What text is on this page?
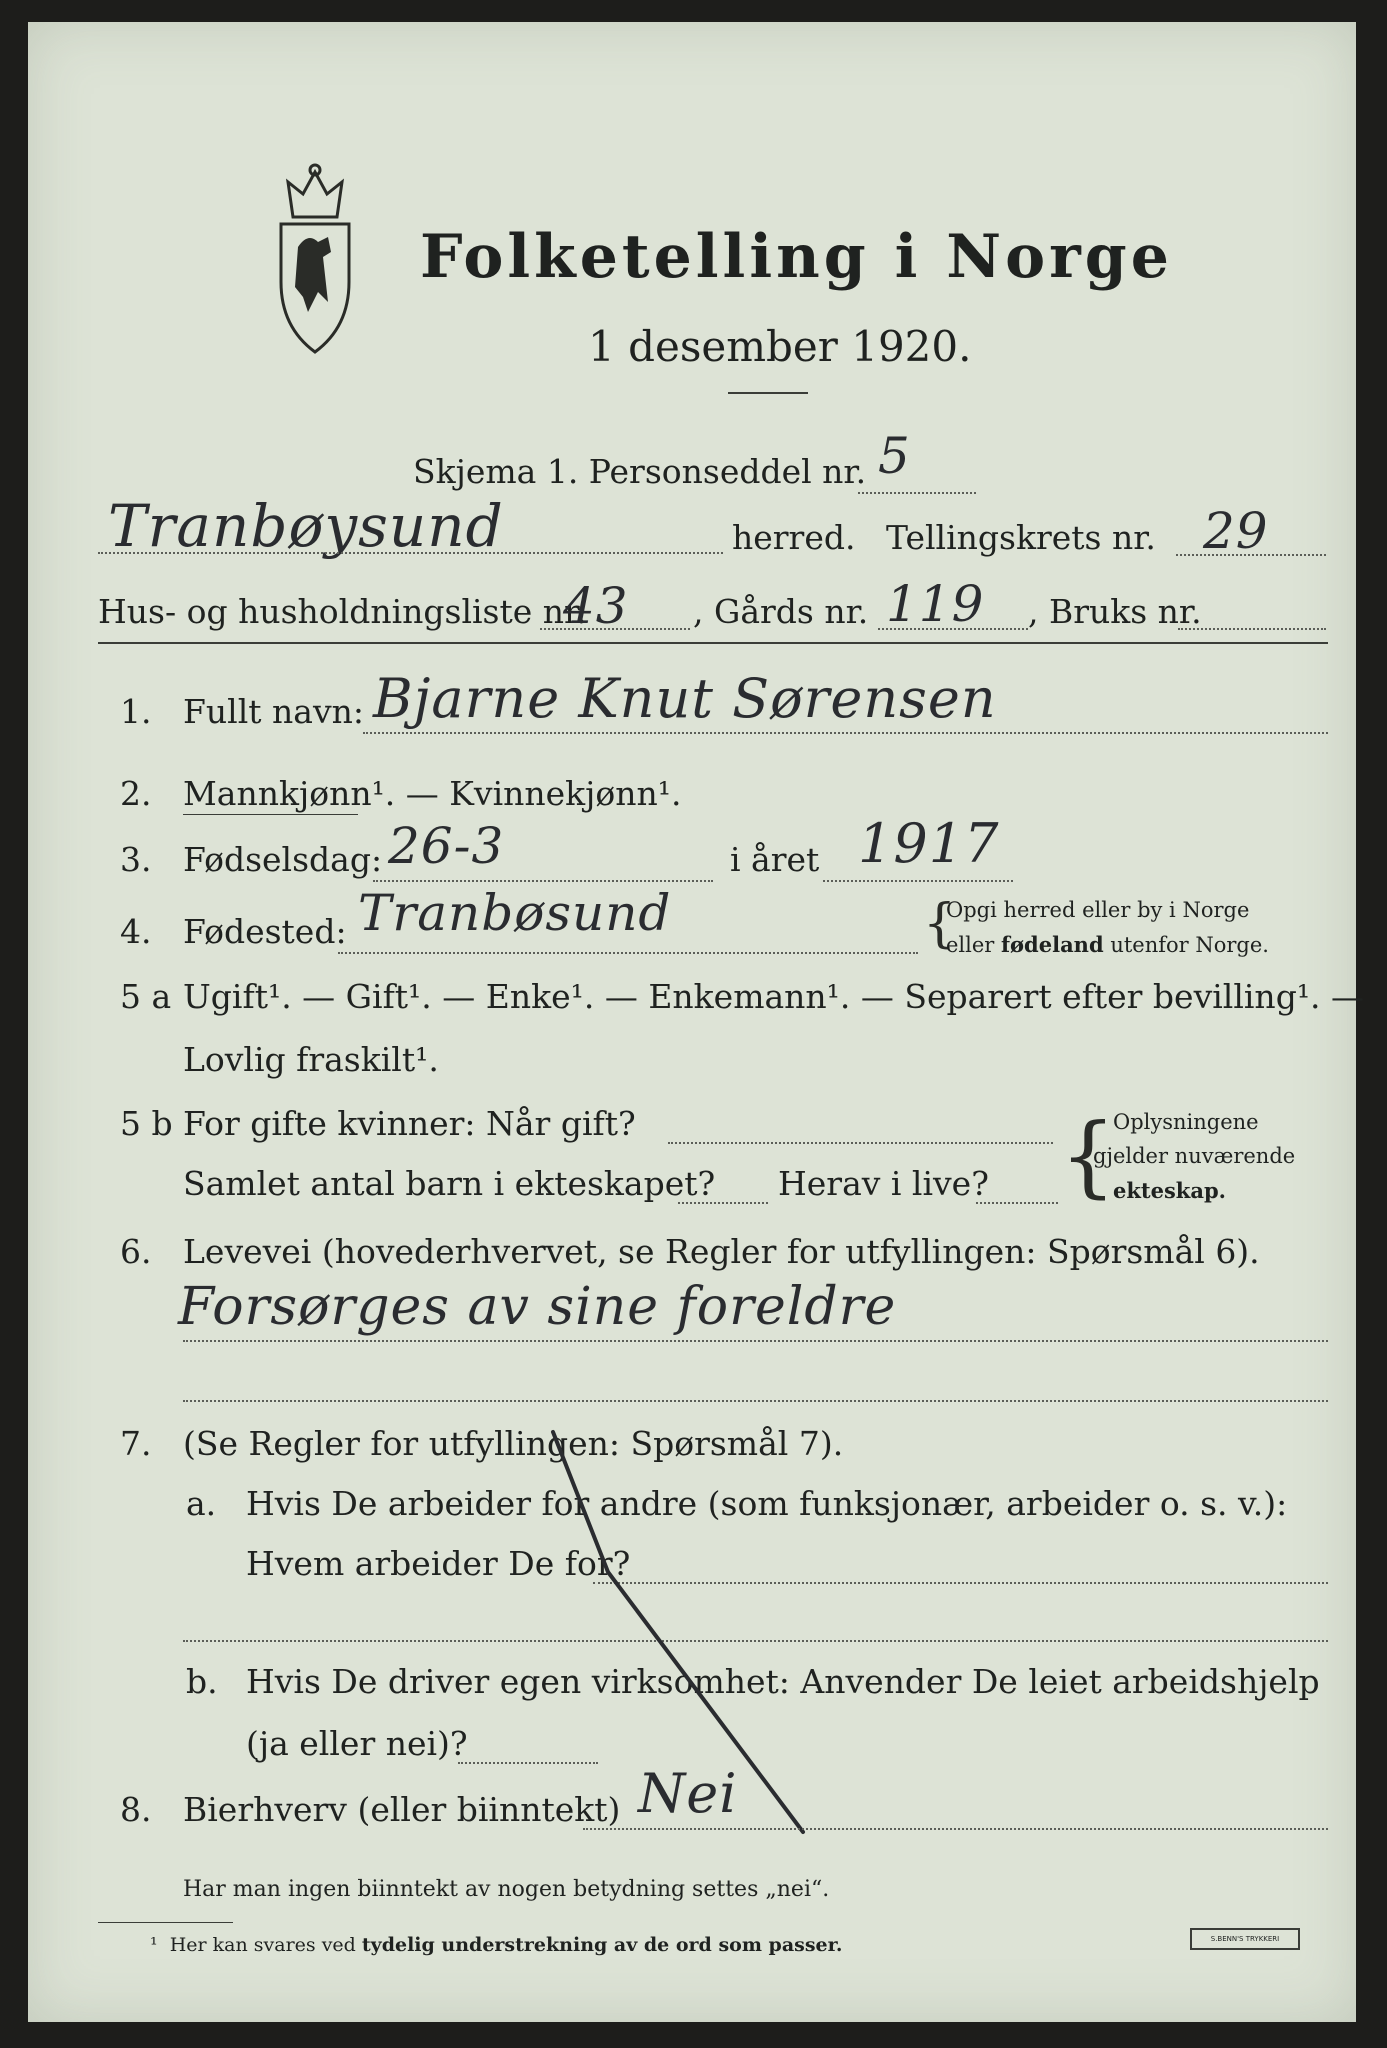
Folketelling i Norge
1 desember 1920.
Skjema 1. Personseddel nr. 5
Tranbøysund	herred. Tellingskrets nr. 29
Hus- og husholdningsliste nr.
43 , Gårds nr. 119 , Bruks nr.
1. Fullt navn: Bjarne Knut Sørensen
2. Mannkjønn¹. — Kvinnekjønn¹.
3. Fødselsdag: 26-3	i året 1917
4. Fødested: Tranbøsund	{
Opgi herred eller by i Norge
eller fødeland utenfor Norge.
5 a Ugift¹. — Gift¹. — Enke¹. — Enkemann¹. — Separert efter bevilling¹. —
Lovlig fraskilt¹.
5 b For gifte kvinner: Når gift?
Samlet antal barn i ekteskapet? Herav i live? {
Oplysningene
gjelder nuværende
ekteskap.
6. Levevei (hovederhvervet, se Regler for utfyllingen: Spørsmål 6).
Forsørges av sine foreldre
7. (Se Regler for utfyllingen: Spørsmål 7).
a. Hvis De arbeider for andre (som funksjonær, arbeider o. s. v.):
Hvem arbeider De for?
b. Hvis De driver egen virksomhet: Anvender De leiet arbeidshjelp
(ja eller nei)?
8. Bierhverv (eller biinntekt) Nei
Har man ingen biinntekt av nogen betydning settes „nei“.
¹ Her kan svares ved tydelig understrekning av de ord som passer.	S.BENN'S TRYKKERI
